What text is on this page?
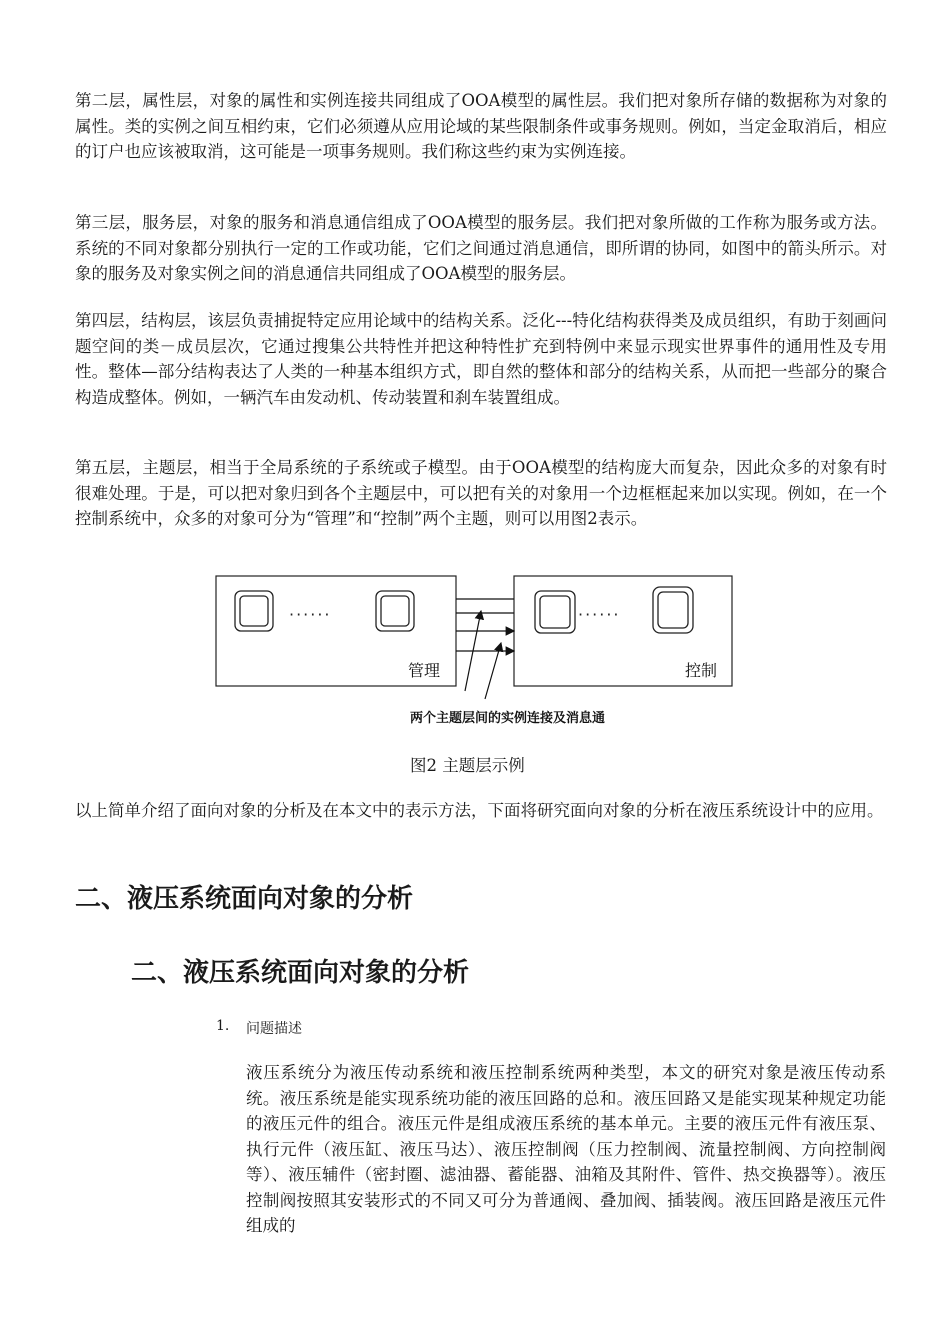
第二层，属性层，对象的属性和实例连接共同组成了OOA模型的属性层。我们把对象所存储的数据称为对象的属性。类的实例之间互相约束，它们必须遵从应用论域的某些限制条件或事务规则。例如，当定金取消后，相应的订户也应该被取消，这可能是一项事务规则。我们称这些约束为实例连接。

第三层，服务层，对象的服务和消息通信组成了OOA模型的服务层。我们把对象所做的工作称为服务或方法。系统的不同对象都分别执行一定的工作或功能，它们之间通过消息通信，即所谓的协同，如图中的箭头所示。对象的服务及对象实例之间的消息通信共同组成了OOA模型的服务层。

第四层，结构层，该层负责捕捉特定应用论域中的结构关系。泛化---特化结构获得类及成员组织，有助于刻画问题空间的类－成员层次，它通过搜集公共特性并把这种特性扩充到特例中来显示现实世界事件的通用性及专用性。整体—部分结构表达了人类的一种基本组织方式，即自然的整体和部分的结构关系，从而把一些部分的聚合构造成整体。例如，一辆汽车由发动机、传动装置和刹车装置组成。

第五层，主题层，相当于全局系统的子系统或子模型。由于OOA模型的结构庞大而复杂，因此众多的对象有时很难处理。于是，可以把对象归到各个主题层中，可以把有关的对象用一个边框框起来加以实现。例如，在一个控制系统中，众多的对象可分为“管理”和“控制”两个主题，则可以用图2表示。

······	······
管理	控制
两个主题层间的实例连接及消息通
图2 主题层示例

以上简单介绍了面向对象的分析及在本文中的表示方法，下面将研究面向对象的分析在液压系统设计中的应用。

二、液压系统面向对象的分析
二、液压系统面向对象的分析
1. 问题描述

液压系统分为液压传动系统和液压控制系统两种类型，本文的研究对象是液压传动系统。液压系统是能实现系统功能的液压回路的总和。液压回路又是能实现某种规定功能的液压元件的组合。液压元件是组成液压系统的基本单元。主要的液压元件有液压泵、执行元件（液压缸、液压马达）、液压控制阀（压力控制阀、流量控制阀、方向控制阀等）、液压辅件（密封圈、滤油器、蓄能器、油箱及其附件、管件、热交换器等）。液压控制阀按照其安装形式的不同又可分为普通阀、叠加阀、插装阀。液压回路是液压元件组成的
